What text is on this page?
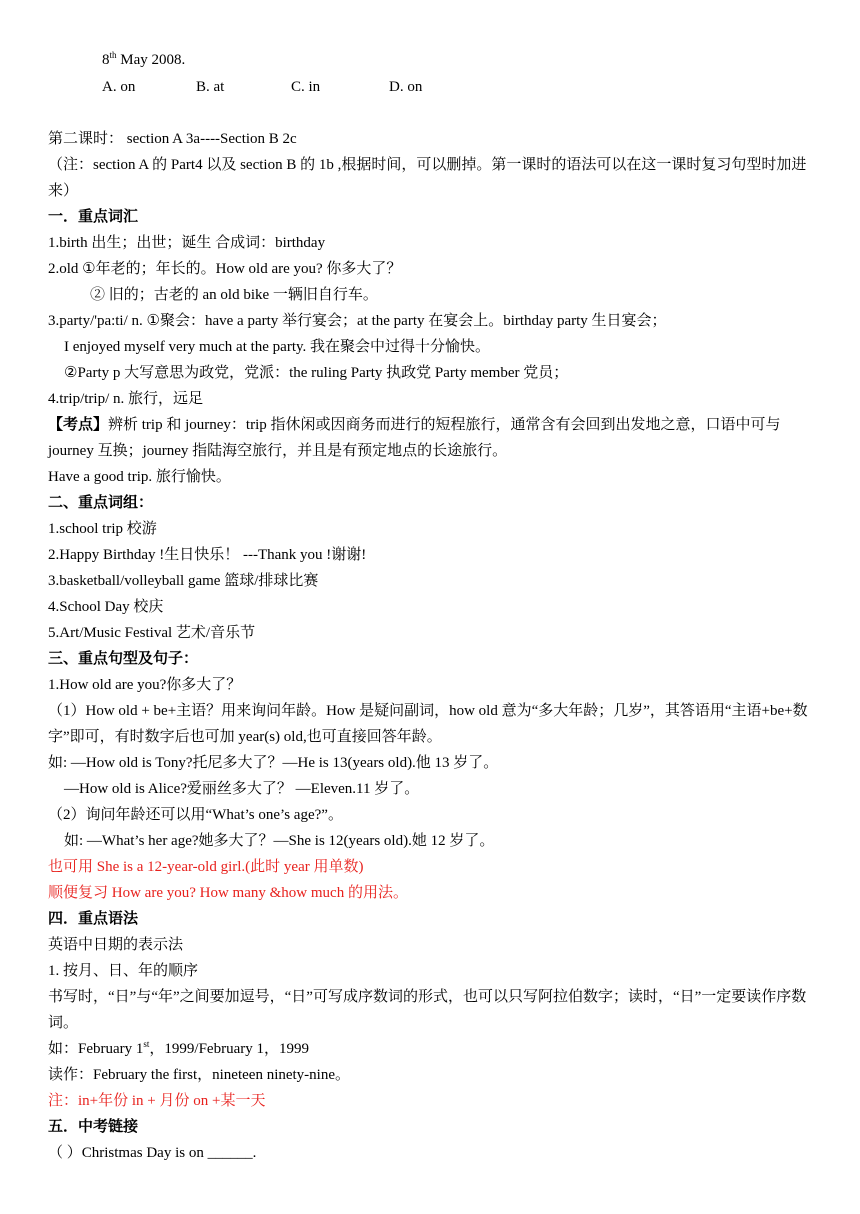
8th May 2008.
A. on	B. at	C. in	D. on
第二课时： section A 3a----Section B 2c
（注：section A 的 Part4 以及 section B 的 1b ,根据时间，可以删掉。第一课时的语法可以在这一课时复习句型时加进来）
一．重点词汇
1.birth 出生；出世；诞生 合成词：birthday
2.old ①年老的；年长的。How old are you? 你多大了？
② 旧的；古老的 an old bike 一辆旧自行车。
3.party/'pa:ti/ n. ①聚会：have a party 举行宴会；at the party 在宴会上。birthday party 生日宴会；
I enjoyed myself very much at the party. 我在聚会中过得十分愉快。
②Party p 大写意思为政党，党派：the ruling Party 执政党 Party member 党员；
4.trip/trip/ n. 旅行，远足
【考点】辨析 trip 和 journey：trip 指休闲或因商务而进行的短程旅行，通常含有会回到出发地之意，口语中可与 journey 互换；journey 指陆海空旅行，并且是有预定地点的长途旅行。
Have a good trip. 旅行愉快。
二、重点词组：
1.school trip 校游
2.Happy Birthday !生日快乐！ ---Thank you !谢谢!
3.basketball/volleyball game 篮球/排球比赛
4.School Day 校庆
5.Art/Music Festival 艺术/音乐节
三、重点句型及句子：
1.How old are you?你多大了？
（1）How old + be+主语？用来询问年龄。How 是疑问副词，how old 意为“多大年龄；几岁”，其答语用“主语+be+数字”即可，有时数字后也可加 year(s) old,也可直接回答年龄。
如: —How old is Tony?托尼多大了？—He is 13(years old).他 13 岁了。
—How old is Alice?爱丽丝多大了？ —Eleven.11 岁了。
（2）询问年龄还可以用“What’s one’s age?”。
如: —What’s her age?她多大了？—She is 12(years old).她 12 岁了。
也可用 She is a 12-year-old girl.(此时 year 用单数)
顺便复习 How are you? How many &how much 的用法。
四．重点语法
英语中日期的表示法
1. 按月、日、年的顺序
书写时，“日”与“年”之间要加逗号，“日”可写成序数词的形式，也可以只写阿拉伯数字；读时，“日”一定要读作序数词。
如：February 1st，1999/February 1，1999
读作：February the first，nineteen ninety-nine。
注：in+年份 in + 月份 on +某一天
五．中考链接
（ ）Christmas Day is on ______.
